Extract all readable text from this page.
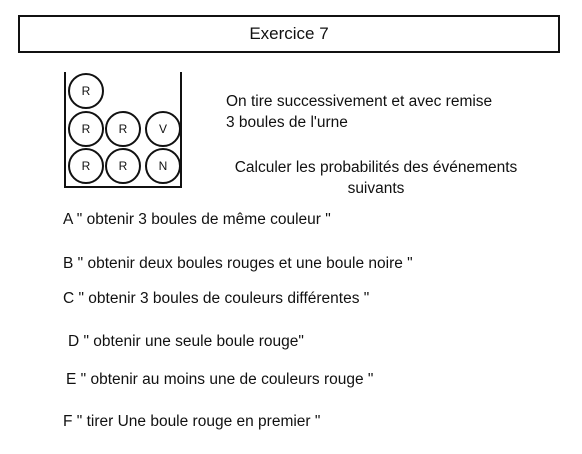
Exercice 7
R
R R	V
R R	N
On tire successivement et avec remise
3 boules de l'urne
Calculer les probabilités des événements
suivants
A " obtenir 3 boules de même couleur "
B " obtenir deux boules rouges et une boule noire "
C " obtenir 3 boules de couleurs différentes "
D " obtenir une seule boule rouge"
E " obtenir au moins une de couleurs rouge "
F " tirer Une boule rouge en premier "
